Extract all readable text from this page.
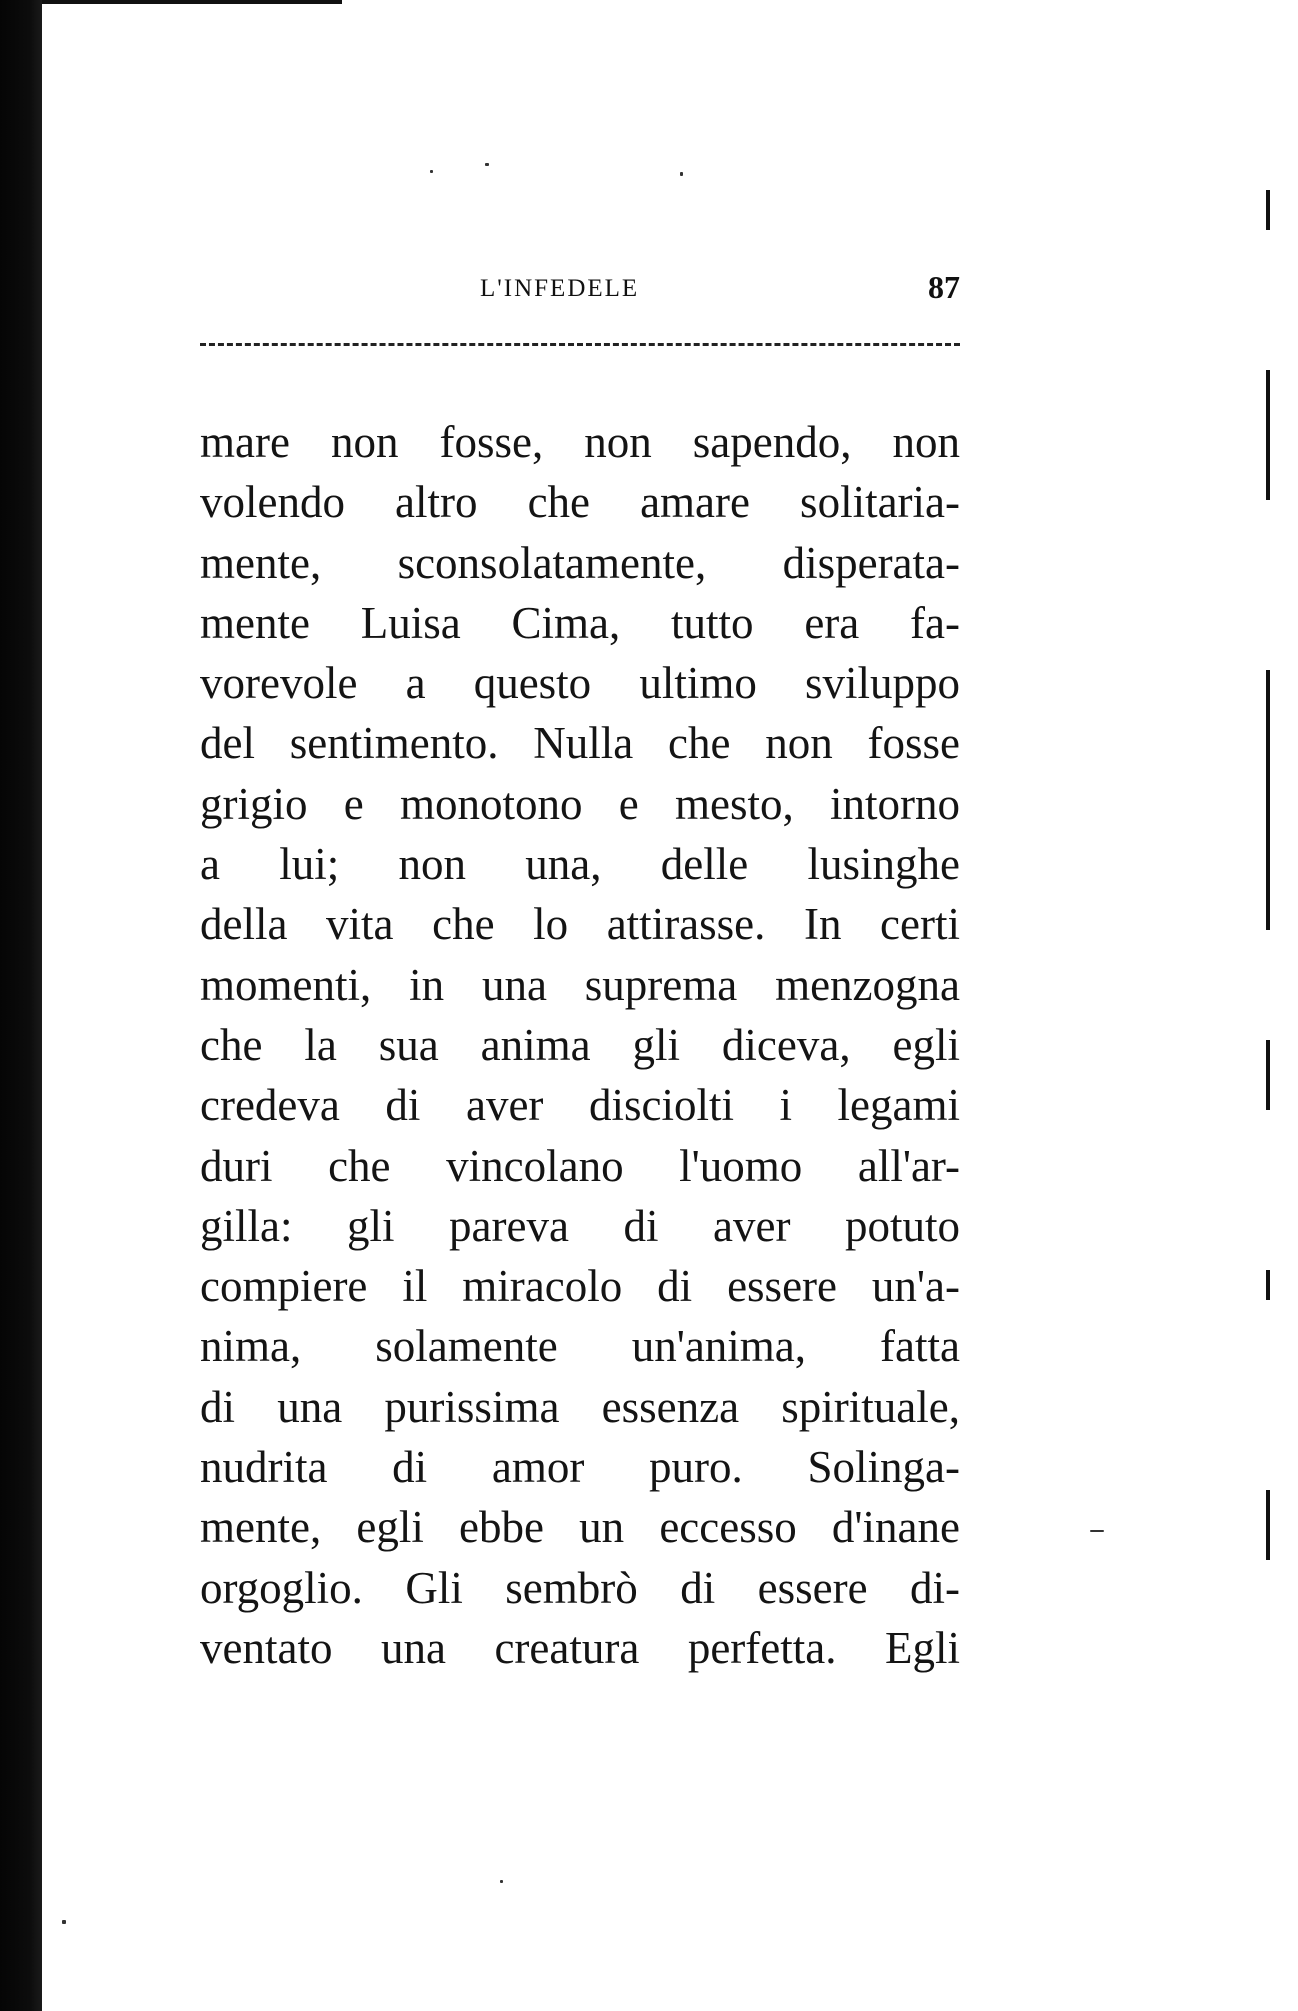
L'INFEDELE	87
mare non fosse, non sapendo, non
volendo altro che amare solitaria-
mente, sconsolatamente, disperata-
mente Luisa Cima, tutto era fa-
vorevole a questo ultimo sviluppo
del sentimento. Nulla che non fosse
grigio e monotono e mesto, intorno
a lui; non una, delle lusinghe
della vita che lo attirasse. In certi
momenti, in una suprema menzogna
che la sua anima gli diceva, egli
credeva di aver disciolti i legami
duri che vincolano l'uomo all'ar-
gilla: gli pareva di aver potuto
compiere il miracolo di essere un'a-
nima, solamente un'anima, fatta
di una purissima essenza spirituale,
nudrita di amor puro. Solinga-
mente, egli ebbe un eccesso d'inane
orgoglio. Gli sembrò di essere di-
ventato una creatura perfetta. Egli
